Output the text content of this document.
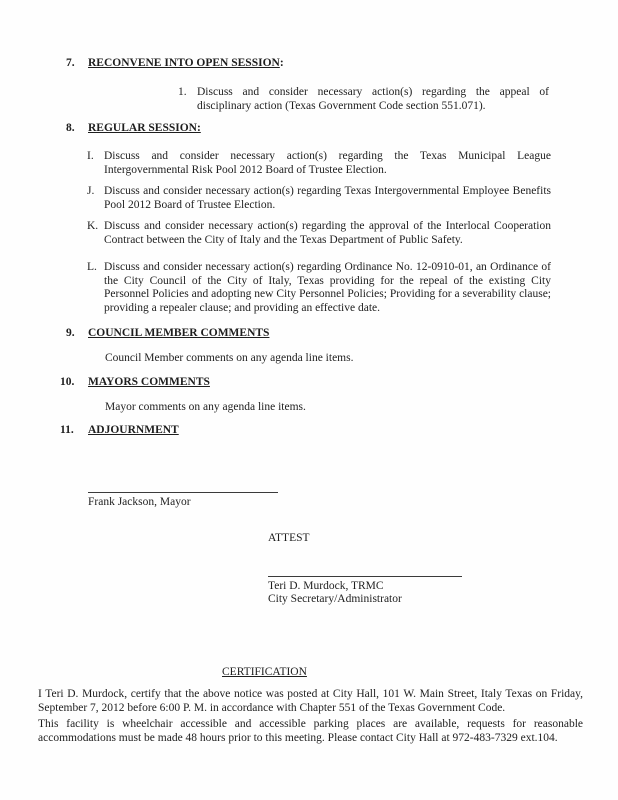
7. RECONVENE INTO OPEN SESSION:
1. Discuss and consider necessary action(s) regarding the appeal of disciplinary action (Texas Government Code section 551.071).
8. REGULAR SESSION:
I. Discuss and consider necessary action(s) regarding the Texas Municipal League Intergovernmental Risk Pool 2012 Board of Trustee Election.
J. Discuss and consider necessary action(s) regarding Texas Intergovernmental Employee Benefits Pool 2012 Board of Trustee Election.
K. Discuss and consider necessary action(s) regarding the approval of the Interlocal Cooperation Contract between the City of Italy and the Texas Department of Public Safety.
L. Discuss and consider necessary action(s) regarding Ordinance No. 12-0910-01, an Ordinance of the City Council of the City of Italy, Texas providing for the repeal of the existing City Personnel Policies and adopting new City Personnel Policies; Providing for a severability clause; providing a repealer clause; and providing an effective date.
9. COUNCIL MEMBER COMMENTS
Council Member comments on any agenda line items.
10. MAYORS COMMENTS
Mayor comments on any agenda line items.
11. ADJOURNMENT
Frank Jackson, Mayor
ATTEST
Teri D. Murdock, TRMC
City Secretary/Administrator
CERTIFICATION
I Teri D. Murdock, certify that the above notice was posted at City Hall, 101 W. Main Street, Italy Texas on Friday, September 7, 2012 before 6:00 P. M. in accordance with Chapter 551 of the Texas Government Code.
This facility is wheelchair accessible and accessible parking places are available, requests for reasonable accommodations must be made 48 hours prior to this meeting. Please contact City Hall at 972-483-7329 ext.104.
